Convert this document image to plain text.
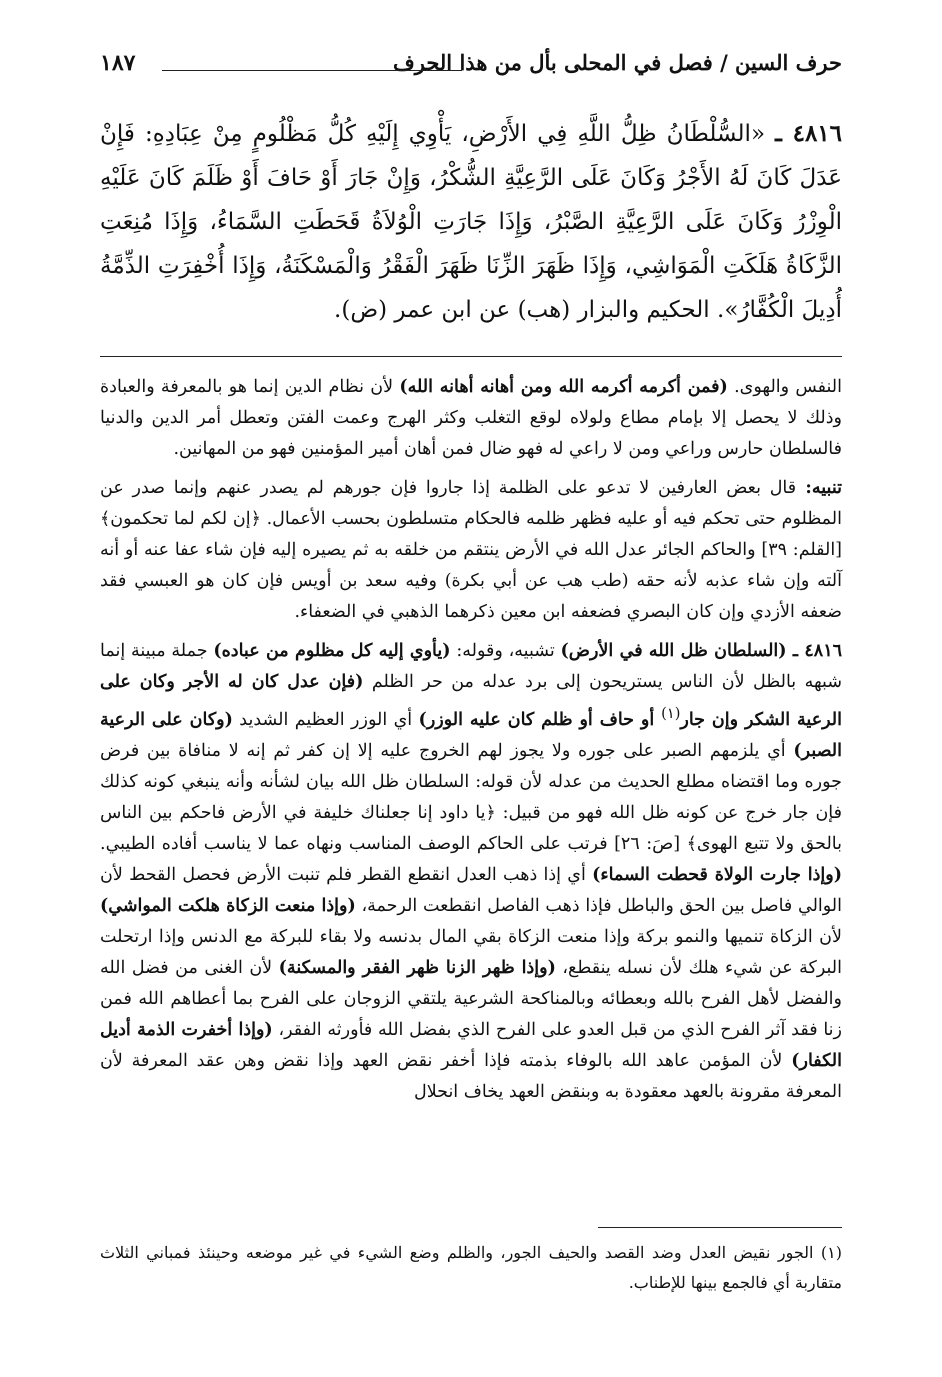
حرف السين / فصل في المحلى بأل من هذا الحرف
١٨٧
٤٨١٦ ـ «السُّلْطَانُ ظِلُّ اللَّهِ فِي الأَرْضِ، يَأْوِي إِلَيْهِ كُلُّ مَظْلُومٍ مِنْ عِبَادِهِ: فَإِنْ عَدَلَ كَانَ لَهُ الأَجْرُ وَكَانَ عَلَى الرَّعِيَّةِ الشُّكْرُ، وَإِنْ جَارَ أَوْ حَافَ أَوْ ظَلَمَ كَانَ عَلَيْهِ الْوِزْرُ وَكَانَ عَلَى الرَّعِيَّةِ الصَّبْرُ، وَإِذَا جَارَتِ الْوُلاَةُ قَحَطَتِ السَّمَاءُ، وَإِذَا مُنِعَتِ الزَّكَاةُ هَلَكَتِ الْمَوَاشِي، وَإِذَا ظَهَرَ الزِّنَا ظَهَرَ الْفَقْرُ وَالْمَسْكَنَةُ، وَإِذَا أُخْفِرَتِ الذِّمَّةُ أُدِيلَ الْكُفَّارُ». الحكيم والبزار (هب) عن ابن عمر (ض).

النفس والهوى. (فمن أكرمه أكرمه الله ومن أهانه أهانه الله) لأن نظام الدين إنما هو بالمعرفة والعبادة وذلك لا يحصل إلا بإمام مطاع ولولاه لوقع التغلب وكثر الهرج وعمت الفتن وتعطل أمر الدين والدنيا فالسلطان حارس وراعي ومن لا راعي له فهو ضال فمن أهان أمير المؤمنين فهو من المهانين.

تنبيه: قال بعض العارفين لا تدعو على الظلمة إذا جاروا فإن جورهم لم يصدر عنهم وإنما صدر عن المظلوم حتى تحكم فيه أو عليه فظهر ظلمه فالحكام متسلطون بحسب الأعمال. ﴿إن لكم لما تحكمون﴾ [القلم: ٣٩] والحاكم الجائر عدل الله في الأرض ينتقم من خلقه به ثم يصيره إليه فإن شاء عفا عنه أو أنه آلته وإن شاء عذبه لأنه حقه (طب هب عن أبي بكرة) وفيه سعد بن أويس فإن كان هو العبسي فقد ضعفه الأزدي وإن كان البصري فضعفه ابن معين ذكرهما الذهبي في الضعفاء.

٤٨١٦ ـ (السلطان ظل الله في الأرض) تشبيه، وقوله: (يأوي إليه كل مظلوم من عباده) جملة مبينة إنما شبهه بالظل لأن الناس يستريحون إلى برد عدله من حر الظلم (فإن عدل كان له الأجر وكان على الرعية الشكر وإن جار$^{(١)}$ أو حاف أو ظلم كان عليه الوزر) أي الوزر العظيم الشديد (وكان على الرعية الصبر) أي يلزمهم الصبر على جوره ولا يجوز لهم الخروج عليه إلا إن كفر ثم إنه لا منافاة بين فرض جوره وما اقتضاه مطلع الحديث من عدله لأن قوله: السلطان ظل الله بيان لشأنه وأنه ينبغي كونه كذلك فإن جار خرج عن كونه ظل الله فهو من قبيل: ﴿يا داود إنا جعلناك خليفة في الأرض فاحكم بين الناس بالحق ولا تتبع الهوى﴾ [صَ: ٢٦] فرتب على الحاكم الوصف المناسب ونهاه عما لا يناسب أفاده الطيبي. (وإذا جارت الولاة قحطت السماء) أي إذا ذهب العدل انقطع القطر فلم تنبت الأرض فحصل القحط لأن الوالي فاصل بين الحق والباطل فإذا ذهب الفاصل انقطعت الرحمة، (وإذا منعت الزكاة هلكت المواشي) لأن الزكاة تنميها والنمو بركة وإذا منعت الزكاة بقي المال بدنسه ولا بقاء للبركة مع الدنس وإذا ارتحلت البركة عن شيء هلك لأن نسله ينقطع، (وإذا ظهر الزنا ظهر الفقر والمسكنة) لأن الغنى من فضل الله والفضل لأهل الفرح بالله وبعطائه وبالمناكحة الشرعية يلتقي الزوجان على الفرح بما أعطاهم الله فمن زنا فقد آثر الفرح الذي من قبل العدو على الفرح الذي بفضل الله فأورثه الفقر، (وإذا أخفرت الذمة أديل الكفار) لأن المؤمن عاهد الله بالوفاء بذمته فإذا أخفر نقض العهد وإذا نقض وهن عقد المعرفة لأن المعرفة مقرونة بالعهد معقودة به وبنقض العهد يخاف انحلال

(١) الجور نقيض العدل وضد القصد والحيف الجور، والظلم وضع الشيء في غير موضعه وحينئذ فمباني الثلاث متقاربة أي فالجمع بينها للإطناب.
